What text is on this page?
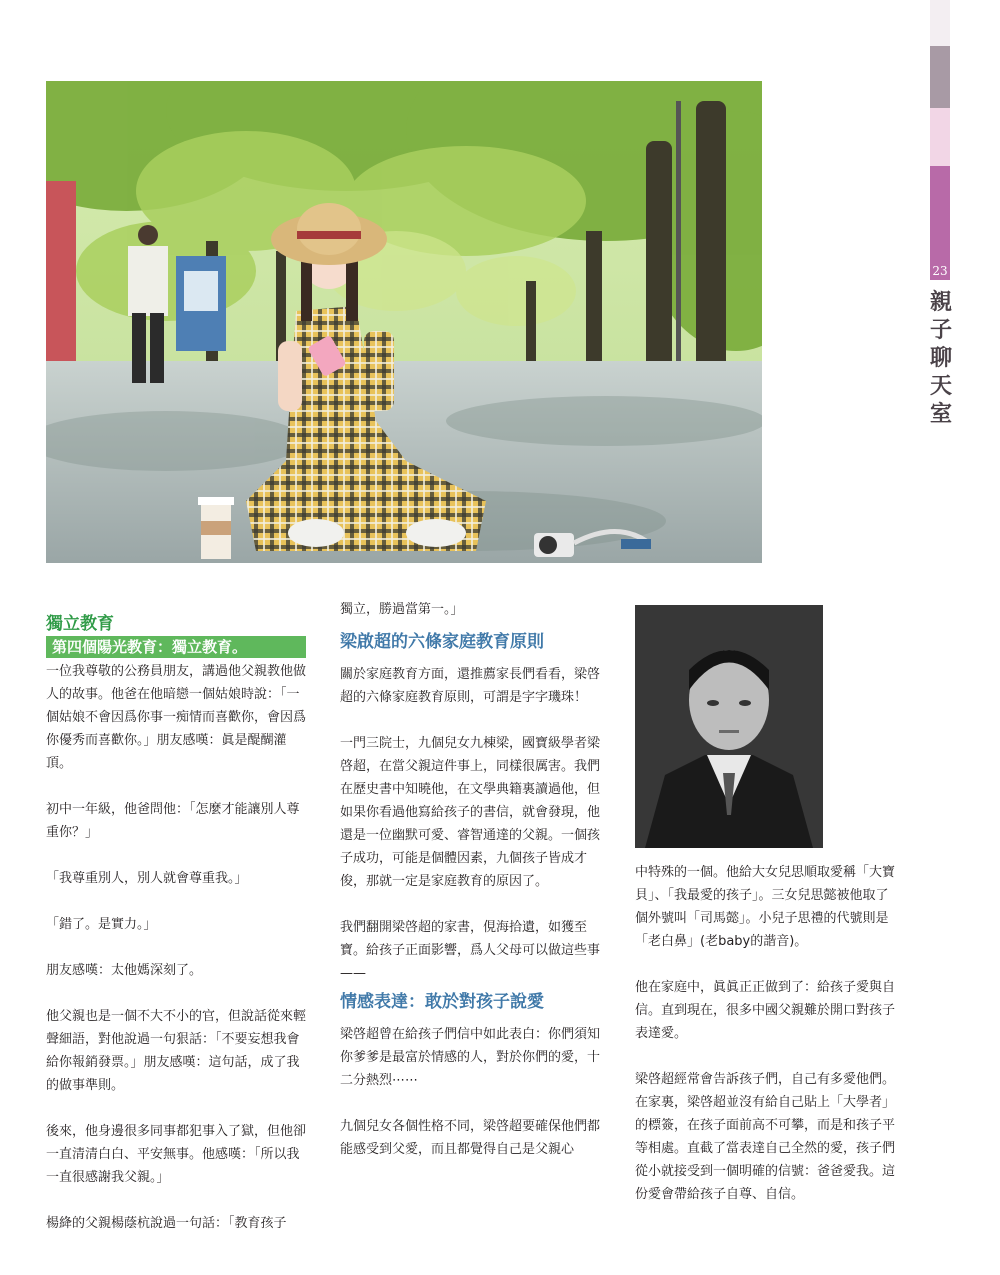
23
親子聊天室
獨立教育
第四個陽光教育：獨立教育。

一位我尊敬的公務員朋友，講過他父親教他做人的故事。他爸在他暗戀一個姑娘時說：「一個姑娘不會因爲你事一痴情而喜歡你，會因爲你優秀而喜歡你。」朋友感嘆：眞是醍醐灌頂。

初中一年級，他爸問他：「怎麼才能讓別人尊重你？」

「我尊重別人，別人就會尊重我。」

「錯了。是實力。」

朋友感嘆：太他媽深刻了。

他父親也是一個不大不小的官，但說話從來輕聲細語，對他說過一句狠話：「不要妄想我會給你報銷發票。」朋友感嘆：這句話，成了我的做事準則。

後來，他身邊很多同事都犯事入了獄，但他卻一直清清白白、平安無事。他感嘆：「所以我一直很感謝我父親。」

楊絳的父親楊蔭杭說過一句話：「教育孩子

獨立，勝過當第一。」

梁啟超的六條家庭教育原則

關於家庭教育方面，還推薦家長們看看，梁啓超的六條家庭教育原則，可謂是字字璣珠！

一門三院士，九個兒女九棟梁，國寶級學者梁啓超，在當父親這件事上，同樣很厲害。我們在歷史書中知曉他，在文學典籍裏讀過他，但如果你看過他寫給孩子的書信，就會發現，他還是一位幽默可愛、睿智通達的父親。一個孩子成功，可能是個體因素，九個孩子皆成才俊，那就一定是家庭教育的原因了。

我們翻開梁啓超的家書，俔海拾遺，如獲至寶。給孩子正面影響，爲人父母可以做這些事——

情感表達：敢於對孩子說愛

梁啓超曾在給孩子們信中如此表白：你們須知你爹爹是最富於情感的人，對於你們的愛，十二分熱烈⋯⋯

九個兒女各個性格不同，梁啓超要確保他們都能感受到父愛，而且都覺得自己是父親心

中特殊的一個。他給大女兒思順取愛稱「大寶貝」、「我最愛的孩子」。三女兒思懿被他取了個外號叫「司馬懿」。小兒子思禮的代號則是「老白鼻」(老baby的諧音)。

他在家庭中，眞眞正正做到了：給孩子愛與自信。直到現在，很多中國父親難於開口對孩子表達愛。

梁啓超經常會告訴孩子們，自己有多愛他們。在家裏，梁啓超並沒有給自己貼上「大學者」的標簽，在孩子面前高不可攀，而是和孩子平等相處。直截了當表達自己全然的愛，孩子們從小就接受到一個明確的信號：爸爸愛我。這份愛會帶給孩子自尊、自信。
